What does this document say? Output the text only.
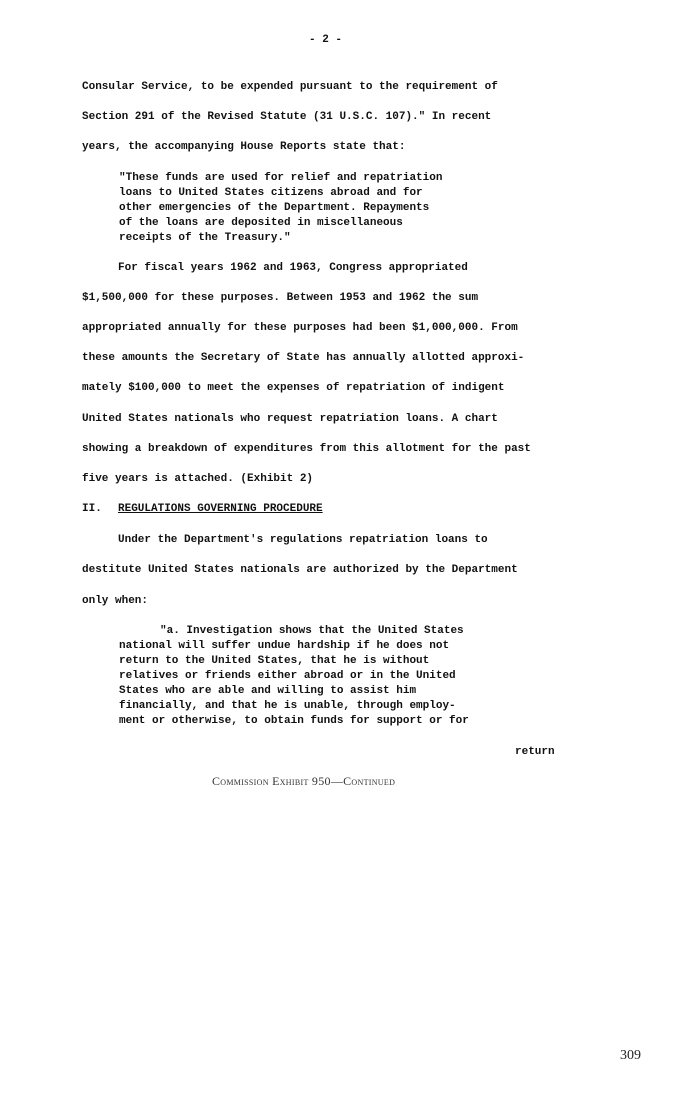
- 2 -

Consular Service, to be expended pursuant to the requirement of

Section 291 of the Revised Statute (31 U.S.C. 107)." In recent

years, the accompanying House Reports state that:

"These funds are used for relief and repatriation

loans to United States citizens abroad and for

other emergencies of the Department. Repayments

of the loans are deposited in miscellaneous

receipts of the Treasury."

For fiscal years 1962 and 1963, Congress appropriated

$1,500,000 for these purposes. Between 1953 and 1962 the sum

appropriated annually for these purposes had been $1,000,000. From

these amounts the Secretary of State has annually allotted approxi-

mately $100,000 to meet the expenses of repatriation of indigent

United States nationals who request repatriation loans. A chart

showing a breakdown of expenditures from this allotment for the past

five years is attached. (Exhibit 2)

II. REGULATIONS GOVERNING PROCEDURE

Under the Department's regulations repatriation loans to

destitute United States nationals are authorized by the Department

only when:

"a. Investigation shows that the United States

national will suffer undue hardship if he does not

return to the United States, that he is without

relatives or friends either abroad or in the United

States who are able and willing to assist him

financially, and that he is unable, through employ-

ment or otherwise, to obtain funds for support or for

return

Commission Exhibit 950—Continued

309
